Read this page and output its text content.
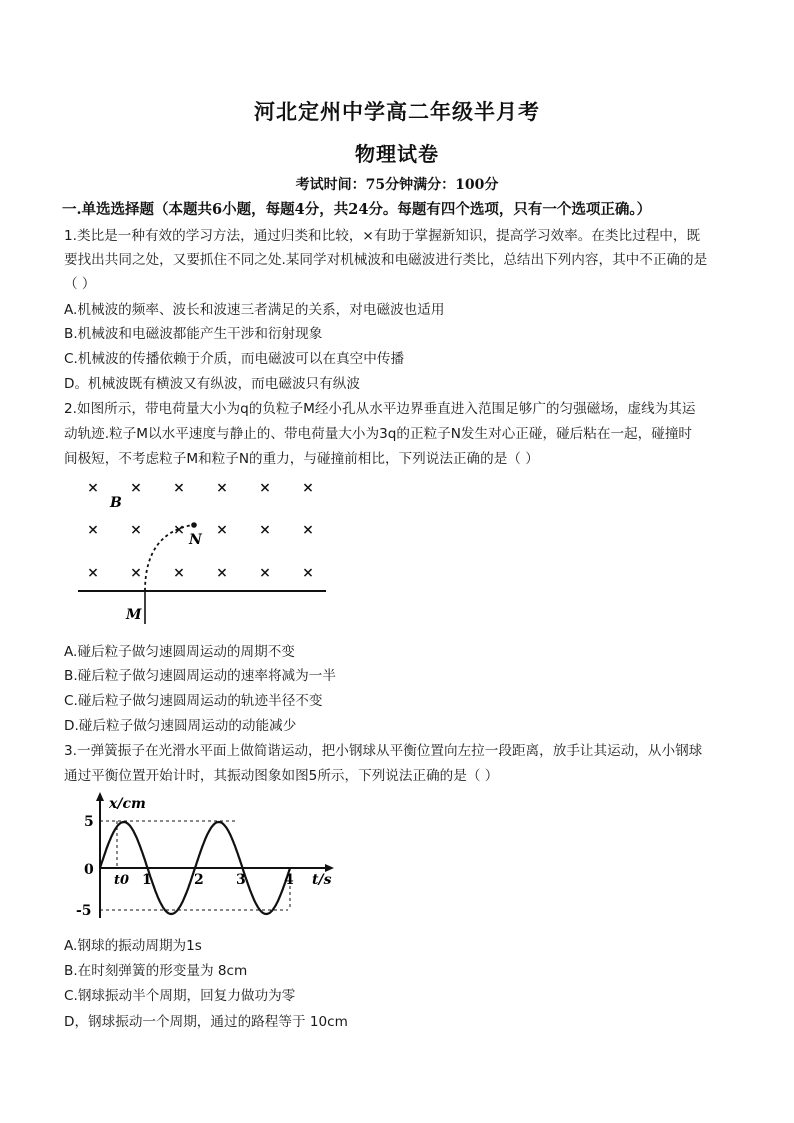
河北定州中学高二年级半月考
物理试卷
考试时间：75分钟满分：100分
一.单选选择题（本题共6小题，每题4分，共24分。每题有四个选项，只有一个选项正确。）
1.类比是一种有效的学习方法，通过归类和比较，×有助于掌握新知识，提高学习效率。在类比过程中，既
要找出共同之处，又要抓住不同之处.某同学对机械波和电磁波进行类比，总结出下列内容，其中不正确的是
（ ）
A.机械波的频率、波长和波速三者满足的关系，对电磁波也适用
B.机械波和电磁波都能产生干涉和衍射现象
C.机械波的传播依赖于介质，而电磁波可以在真空中传播
D。机械波既有横波又有纵波，而电磁波只有纵波
2.如图所示，带电荷量大小为q的负粒子M经小孔从水平边界垂直进入范围足够广的匀强磁场，虚线为其运
动轨迹.粒子M以水平速度与静止的、带电荷量大小为3q的正粒子N发生对心正碰，碰后粘在一起，碰撞时
间极短，不考虑粒子M和粒子N的重力，与碰撞前相比，下列说法正确的是（ ）
× × × × × ×
× × × × × ×
× × × × × ×
B
N
M
A.碰后粒子做匀速圆周运动的周期不变
B.碰后粒子做匀速圆周运动的速率将减为一半
C.碰后粒子做匀速圆周运动的轨迹半径不变
D.碰后粒子做匀速圆周运动的动能减少
3.一弹簧振子在光滑水平面上做简谐运动，把小钢球从平衡位置向左拉一段距离，放手让其运动，从小钢球
通过平衡位置开始计时，其振动图象如图5所示，下列说法正确的是（ ）
x/cm
t/s
5
0
-5
t0 1	2 3	4
A.钢球的振动周期为1s
B.在时刻弹簧的形变量为 8cm
C.钢球振动半个周期，回复力做功为零
D，钢球振动一个周期，通过的路程等于 10cm
